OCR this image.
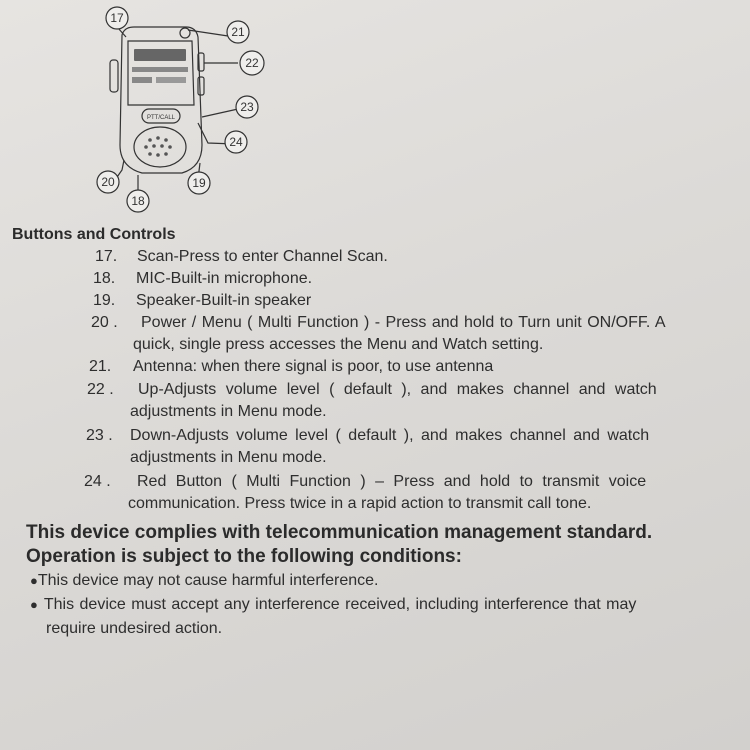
PTT/CALL
17
21
22
23
24
20	19
18
Buttons and Controls
17. Scan-Press to enter Channel Scan.
18. MIC-Built-in microphone.
19. Speaker-Built-in speaker
20 . Power / Menu ( Multi Function ) - Press and hold to Turn unit ON/OFF. A
quick, single press accesses the Menu and Watch setting.
21. Antenna: when there signal is poor, to use antenna
22 . Up-Adjusts volume level ( default ), and makes channel and watch
adjustments in Menu mode.
23 . Down-Adjusts volume level ( default ), and makes channel and watch
adjustments in Menu mode.
24 . Red Button ( Multi Function ) – Press and hold to transmit voice
communication. Press twice in a rapid action to transmit call tone.
This device complies with telecommunication management standard.
Operation is subject to the following conditions:
●This device may not cause harmful interference.
● This device must accept any interference received, including interference that may
require undesired action.
